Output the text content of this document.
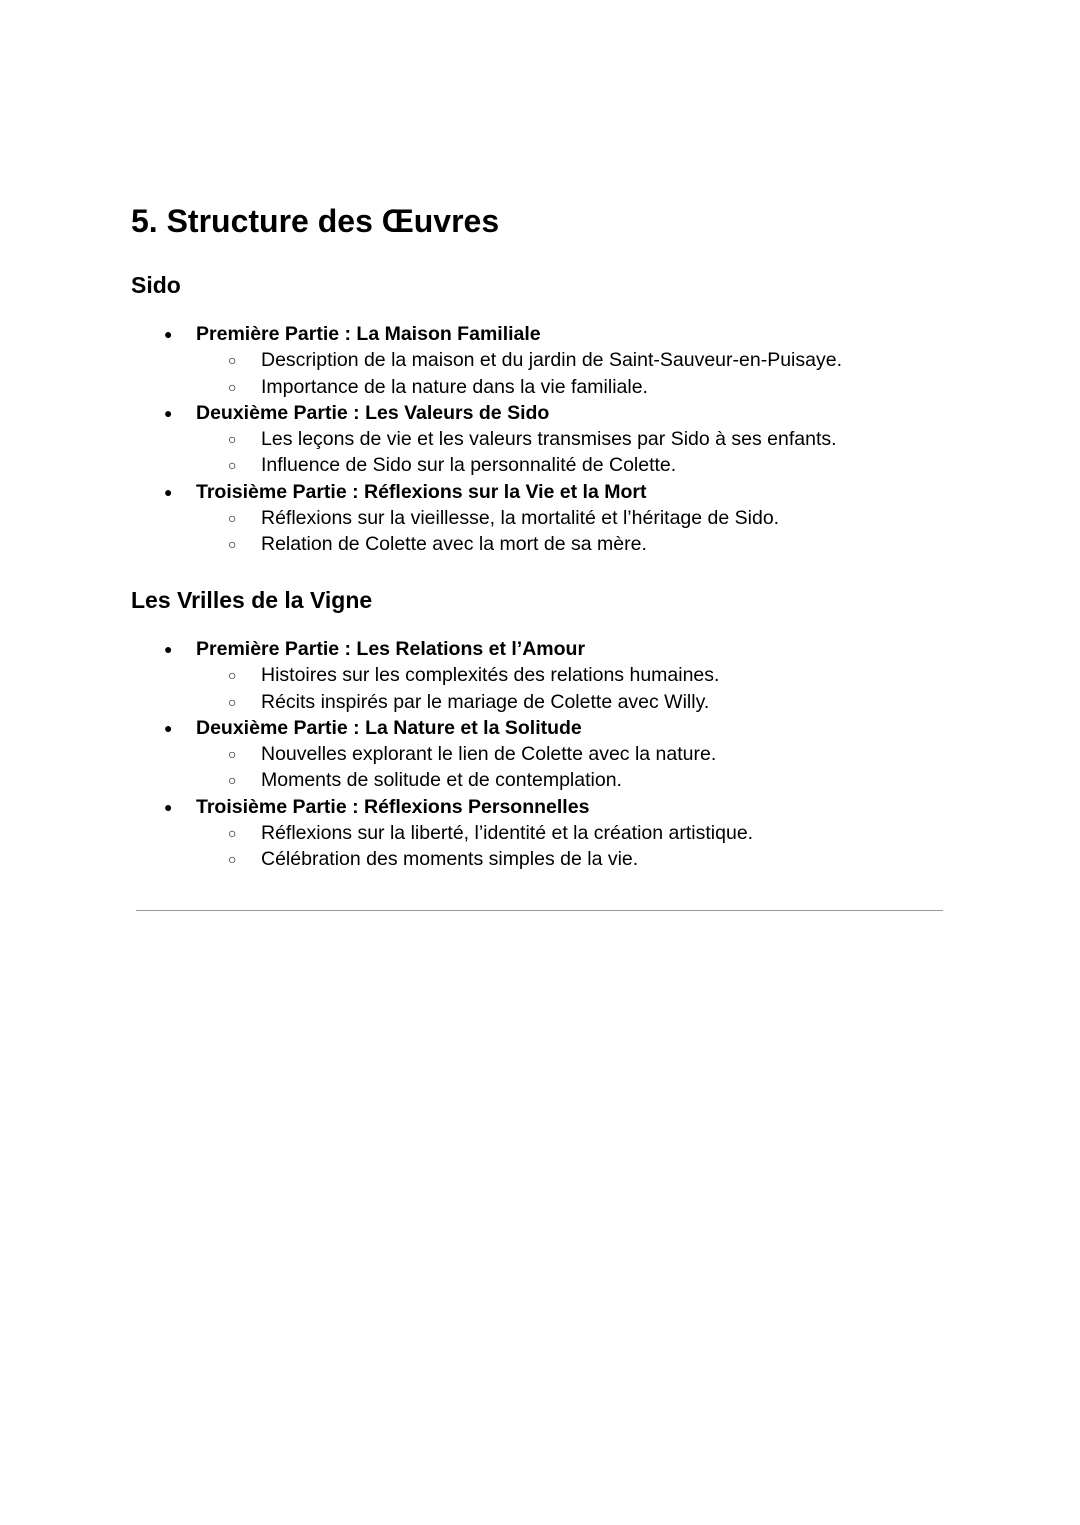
5. Structure des Œuvres
Sido
● Première Partie : La Maison Familiale
○ Description de la maison et du jardin de Saint-Sauveur-en-Puisaye.
○ Importance de la nature dans la vie familiale.
● Deuxième Partie : Les Valeurs de Sido
○ Les leçons de vie et les valeurs transmises par Sido à ses enfants.
○ Influence de Sido sur la personnalité de Colette.
● Troisième Partie : Réflexions sur la Vie et la Mort
○ Réflexions sur la vieillesse, la mortalité et l’héritage de Sido.
○ Relation de Colette avec la mort de sa mère.
Les Vrilles de la Vigne
● Première Partie : Les Relations et l’Amour
○ Histoires sur les complexités des relations humaines.
○ Récits inspirés par le mariage de Colette avec Willy.
● Deuxième Partie : La Nature et la Solitude
○ Nouvelles explorant le lien de Colette avec la nature.
○ Moments de solitude et de contemplation.
● Troisième Partie : Réflexions Personnelles
○ Réflexions sur la liberté, l’identité et la création artistique.
○ Célébration des moments simples de la vie.
